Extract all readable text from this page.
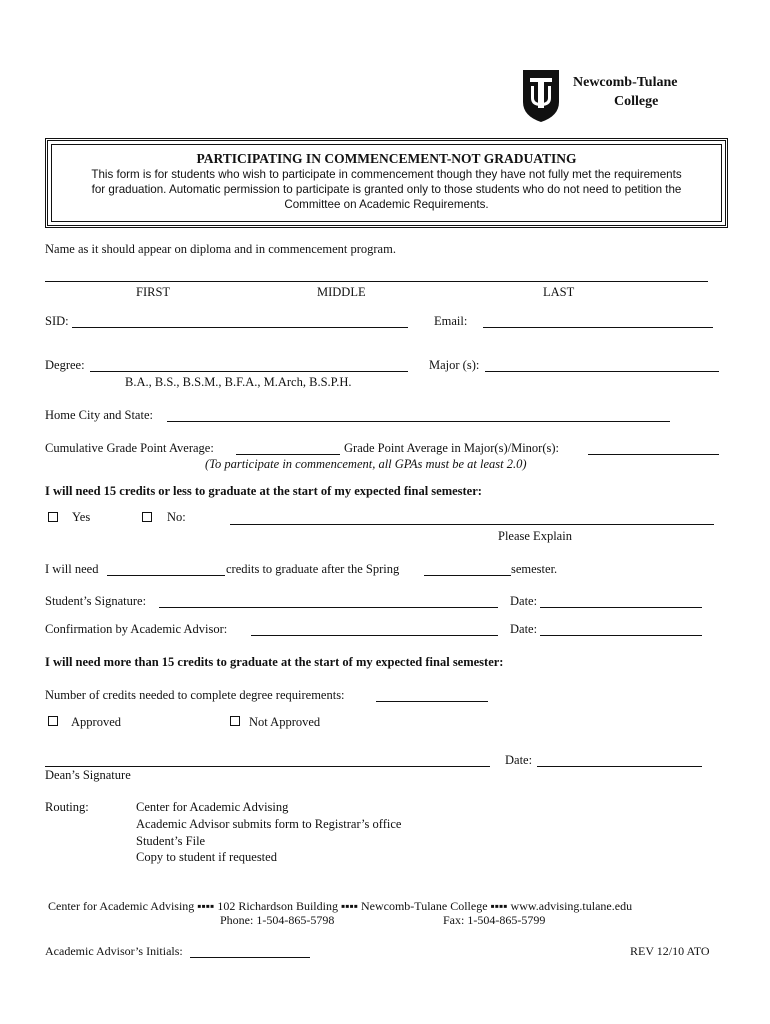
Newcomb-Tulane
College
PARTICIPATING IN COMMENCEMENT-NOT GRADUATING
This form is for students who wish to participate in commencement though they have not fully met the requirements
for graduation. Automatic permission to participate is granted only to those students who do not need to petition the
Committee on Academic Requirements.
Name as it should appear on diploma and in commencement program.
FIRST	MIDDLE	LAST
SID:	Email:
Degree:
B.A., B.S., B.S.M., B.F.A., M.Arch, B.S.P.H.
Major (s):
Home City and State:
Cumulative Grade Point Average:	Grade Point Average in Major(s)/Minor(s):
(To participate in commencement, all GPAs must be at least 2.0)
I will need 15 credits or less to graduate at the start of my expected final semester:
Yes	No:
Please Explain
I will need	credits to graduate after the Spring	semester.
Student’s Signature:	Date:
Confirmation by Academic Advisor:	Date:
I will need more than 15 credits to graduate at the start of my expected final semester:
Number of credits needed to complete degree requirements:
Approved	Not Approved
Date:
Dean’s Signature
Routing:	Center for Academic Advising
Academic Advisor submits form to Registrar’s office
Student’s File
Copy to student if requested
Center for Academic Advising ▪▪▪▪ 102 Richardson Building ▪▪▪▪ Newcomb-Tulane College ▪▪▪▪ www.advising.tulane.edu
Phone: 1-504-865-5798	Fax: 1-504-865-5799
Academic Advisor’s Initials:	REV 12/10 ATO
